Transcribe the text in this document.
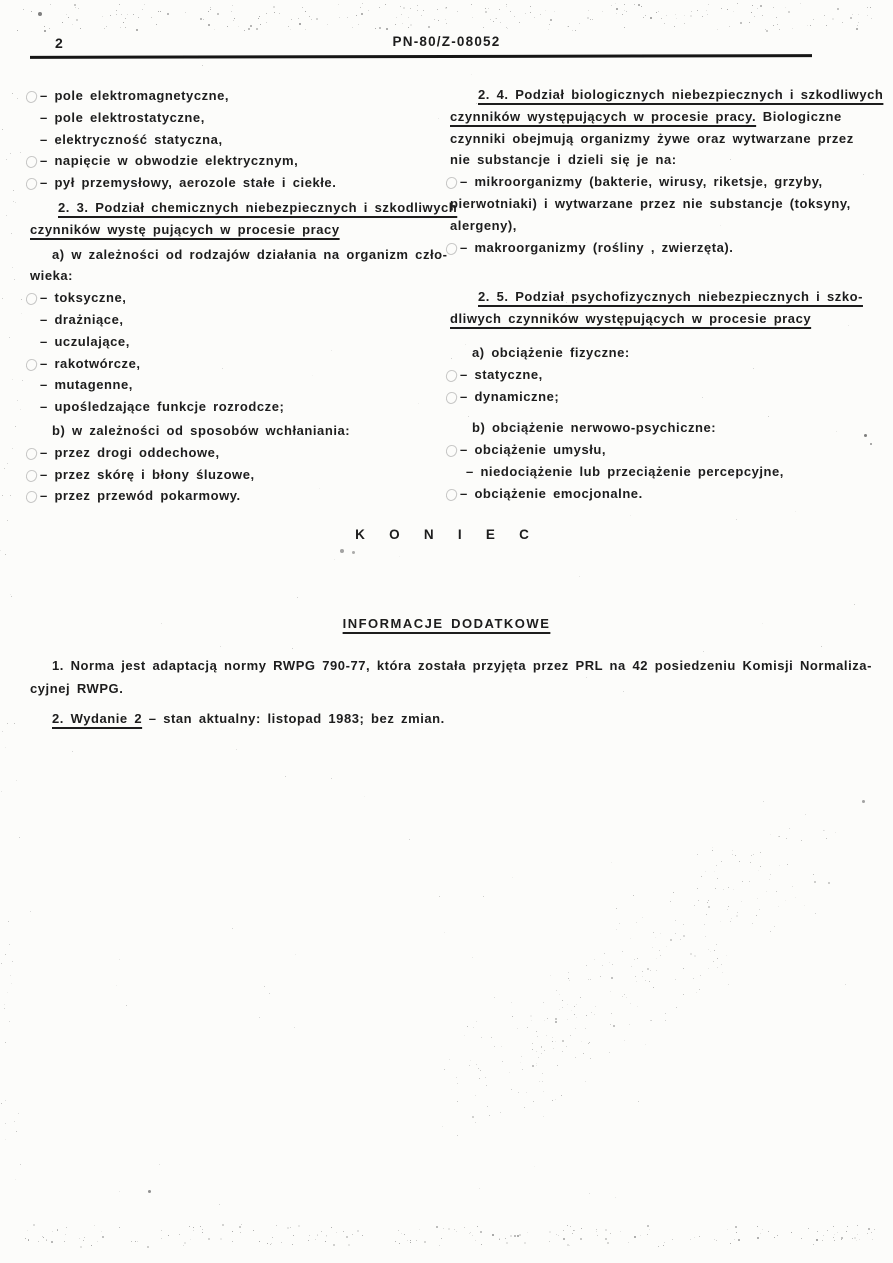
2	PN-80/Z-08052
– pole elektromagnetyczne,
– pole elektrostatyczne,
– elektryczność statyczna,
– napięcie w obwodzie elektrycznym,
– pył przemysłowy, aerozole stałe i ciekłe.
2. 3. Podział chemicznych niebezpiecznych i szkodliwych
czynników wystę pujących w procesie pracy
a) w zależności od rodzajów działania na organizm czło-
wieka:
– toksyczne,
– drażniące,
– uczulające,
– rakotwórcze,
– mutagenne,
– upośledzające funkcje rozrodcze;
b) w zależności od sposobów wchłaniania:
– przez drogi oddechowe,
– przez skórę i błony śluzowe,
– przez przewód pokarmowy.
2. 4. Podział biologicznych niebezpiecznych i szkodliwych
czynników występujących w procesie pracy. Biologiczne
czynniki obejmują organizmy żywe oraz wytwarzane przez
nie substancje i dzieli się je na:
– mikroorganizmy (bakterie, wirusy, riketsje, grzyby,
pierwotniaki) i wytwarzane przez nie substancje (toksyny,
alergeny),
– makroorganizmy (rośliny , zwierzęta).
2. 5. Podział psychofizycznych niebezpiecznych i szko-
dliwych czynników występujących w procesie pracy
a) obciążenie fizyczne:
– statyczne,
– dynamiczne;
b) obciążenie nerwowo-psychiczne:
– obciążenie umysłu,
– niedociążenie lub przeciążenie percepcyjne,
– obciążenie emocjonalne.
K O N I E C
INFORMACJE DODATKOWE
1. Norma jest adaptacją normy RWPG 790-77, która została przyjęta przez PRL na 42 posiedzeniu Komisji Normaliza-
cyjnej RWPG.
2. Wydanie 2 – stan aktualny: listopad 1983; bez zmian.
